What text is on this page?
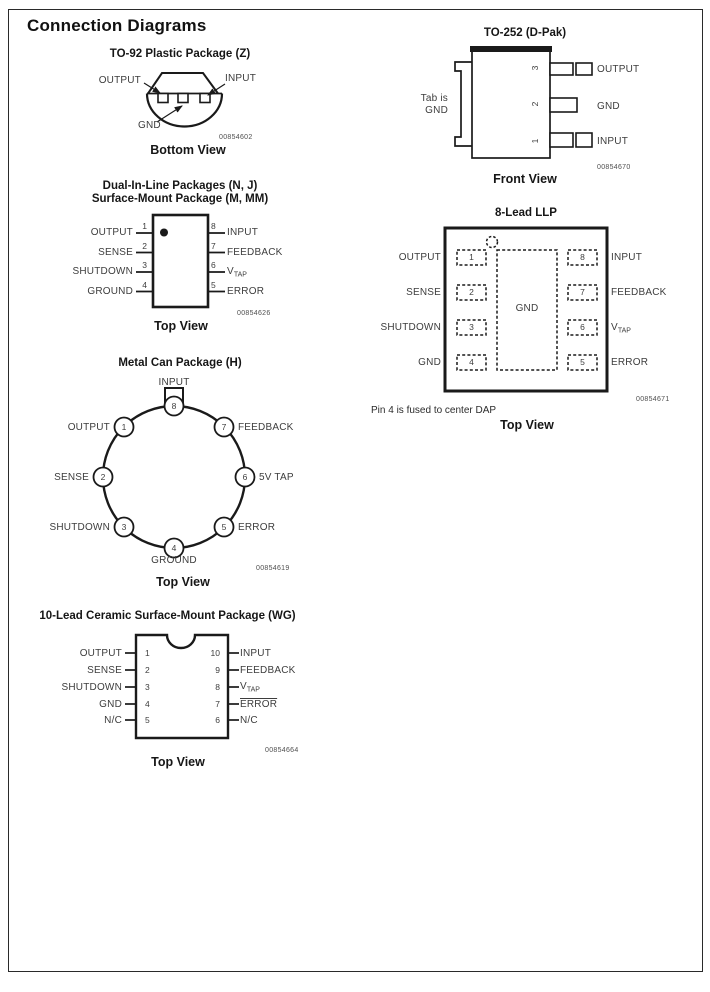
Connection Diagrams
TO-92 Plastic Package (Z)
OUTPUT	INPUT
GND
00854602
Bottom View
TO-252 (D-Pak)
3
2
1
OUTPUT
GND
INPUT
Tab is
GND
00854670
Front View
Dual-In-Line Packages (N, J)
Surface-Mount Package (M, MM)
1
2
3
4
8
7
6
5
OUTPUT
SENSE
SHUTDOWN
GROUND
INPUT
FEEDBACK
$V_{TAP}$
ERROR
00854626
Top View
8-Lead LLP
1
2
3
4
8
7
6
5
GND
OUTPUT
SENSE
SHUTDOWN
GND
INPUT
FEEDBACK
$V_{TAP}$
ERROR
00854671
Pin 4 is fused to center DAP
Top View
Metal Can Package (H)
8
1
2
3
4
5
6
7
INPUT
OUTPUT
SENSE
SHUTDOWN
GROUND
ERROR
5V TAP
FEEDBACK
00854619
Top View
10-Lead Ceramic Surface-Mount Package (WG)
1
2
3
4
5
10
9
8
7
6
OUTPUT
SENSE
SHUTDOWN
GND
N/C
INPUT
FEEDBACK
$V_{TAP}$
ERROR
N/C
00854664
Top View
